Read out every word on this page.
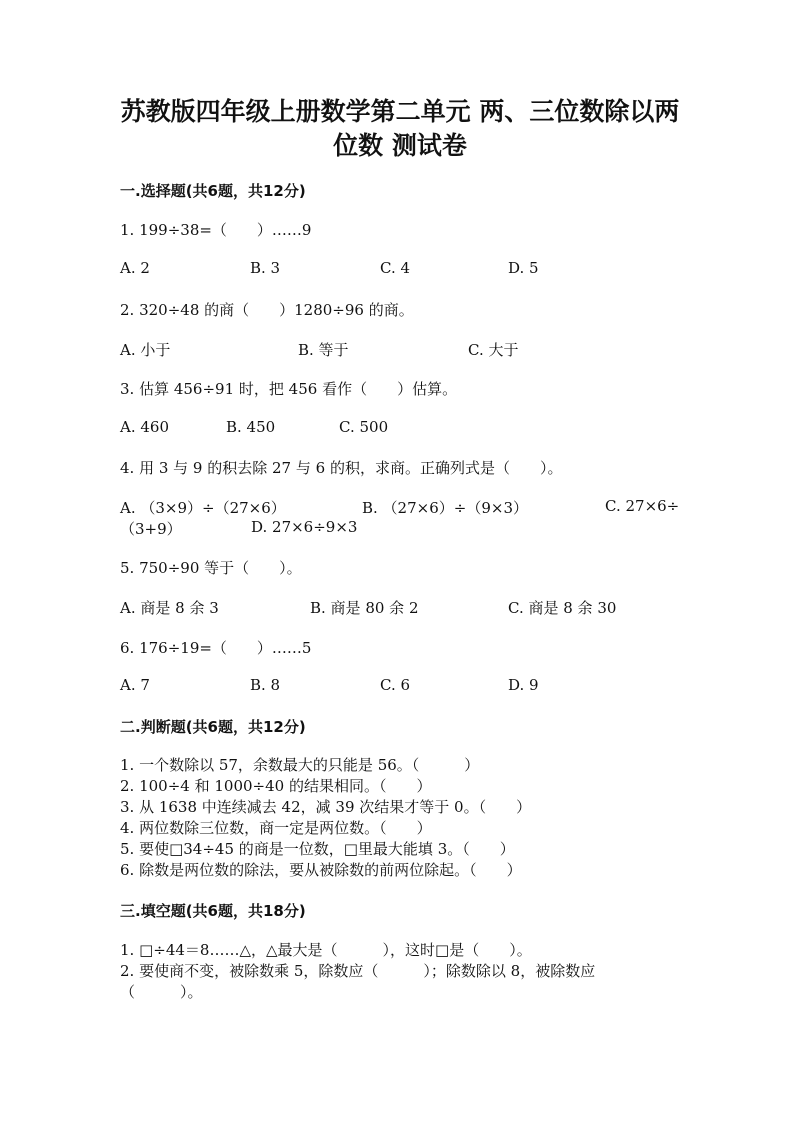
苏教版四年级上册数学第二单元 两、三位数除以两
位数 测试卷
一.选择题(共6题，共12分)

1. 199÷38=（　　）……9

A. 2	B. 3	C. 4	D. 5

2. 320÷48 的商（　　）1280÷96 的商。

A. 小于	B. 等于	C. 大于

3. 估算 456÷91 时，把 456 看作（　　）估算。

A. 460	B. 450	C. 500

4. 用 3 与 9 的积去除 27 与 6 的积，求商。正确列式是（　　）。

A. （3×9）÷（27×6）	B. （27×6）÷（9×3）	C. 27×6÷
（3+9）	D. 27×6÷9×3

5. 750÷90 等于（　　）。

A. 商是 8 余 3	B. 商是 80 余 2	C. 商是 8 余 30

6. 176÷19=（　　）……5

A. 7	B. 8	C. 6	D. 9
二.判断题(共6题，共12分)
1. 一个数除以 57，余数最大的只能是 56。（　　　）
2. 100÷4 和 1000÷40 的结果相同。（　　）
3. 从 1638 中连续减去 42，减 39 次结果才等于 0。（　　）
4. 两位数除三位数，商一定是两位数。（　　）
5. 要使□34÷45 的商是一位数，□里最大能填 3。（　　）
6. 除数是两位数的除法，要从被除数的前两位除起。（　　）
三.填空题(共6题，共18分)
1. □÷44＝8……△，△最大是（　　　），这时□是（　　）。
2. 要使商不变，被除数乘 5，除数应（　　　）；除数除以 8，被除数应
（　　　）。
